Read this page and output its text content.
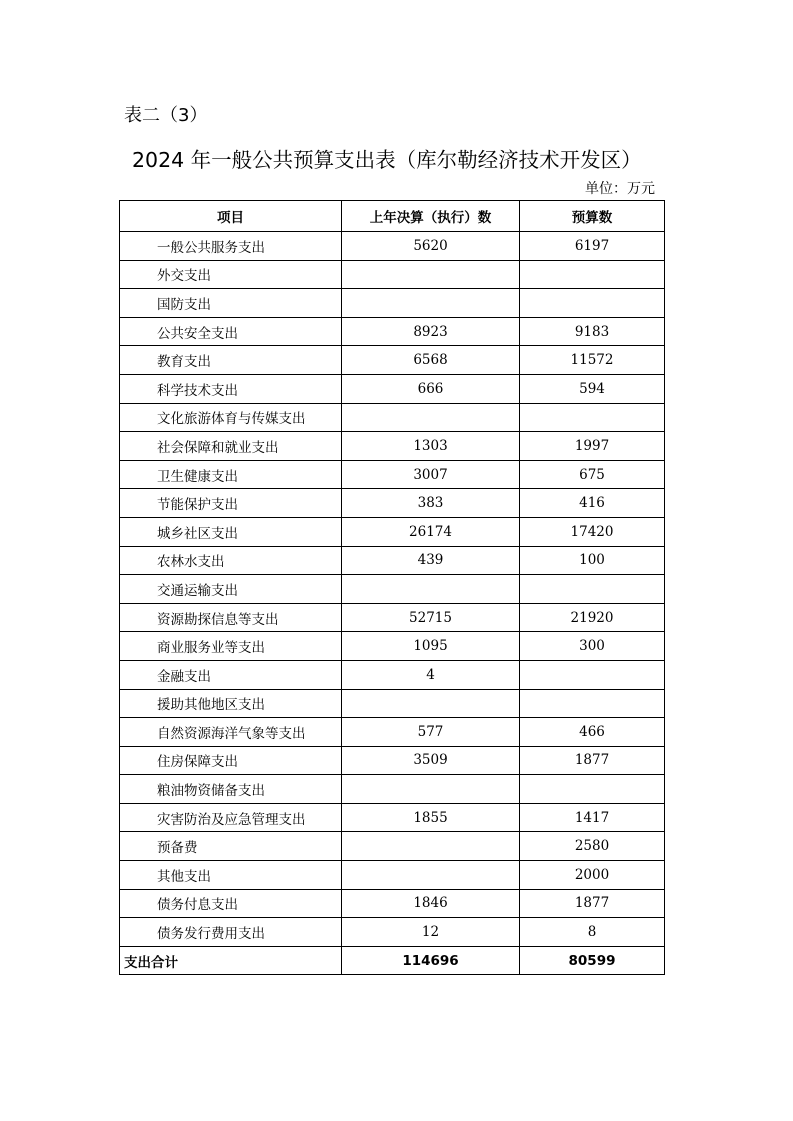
表二（3）
2024 年一般公共预算支出表（库尔勒经济技术开发区）
单位：万元
项目	上年决算（执行）数	预算数
一般公共服务支出	5620	6197
外交支出		
国防支出		
公共安全支出	8923	9183
教育支出	6568	11572
科学技术支出	666	594
文化旅游体育与传媒支出		
社会保障和就业支出	1303	1997
卫生健康支出	3007	675
节能保护支出	383	416
城乡社区支出	26174	17420
农林水支出	439	100
交通运输支出		
资源勘探信息等支出	52715	21920
商业服务业等支出	1095	300
金融支出	4	
援助其他地区支出		
自然资源海洋气象等支出	577	466
住房保障支出	3509	1877
粮油物资储备支出		
灾害防治及应急管理支出	1855	1417
预备费		2580
其他支出		2000
债务付息支出	1846	1877
债务发行费用支出	12	8
支出合计	114696	80599
